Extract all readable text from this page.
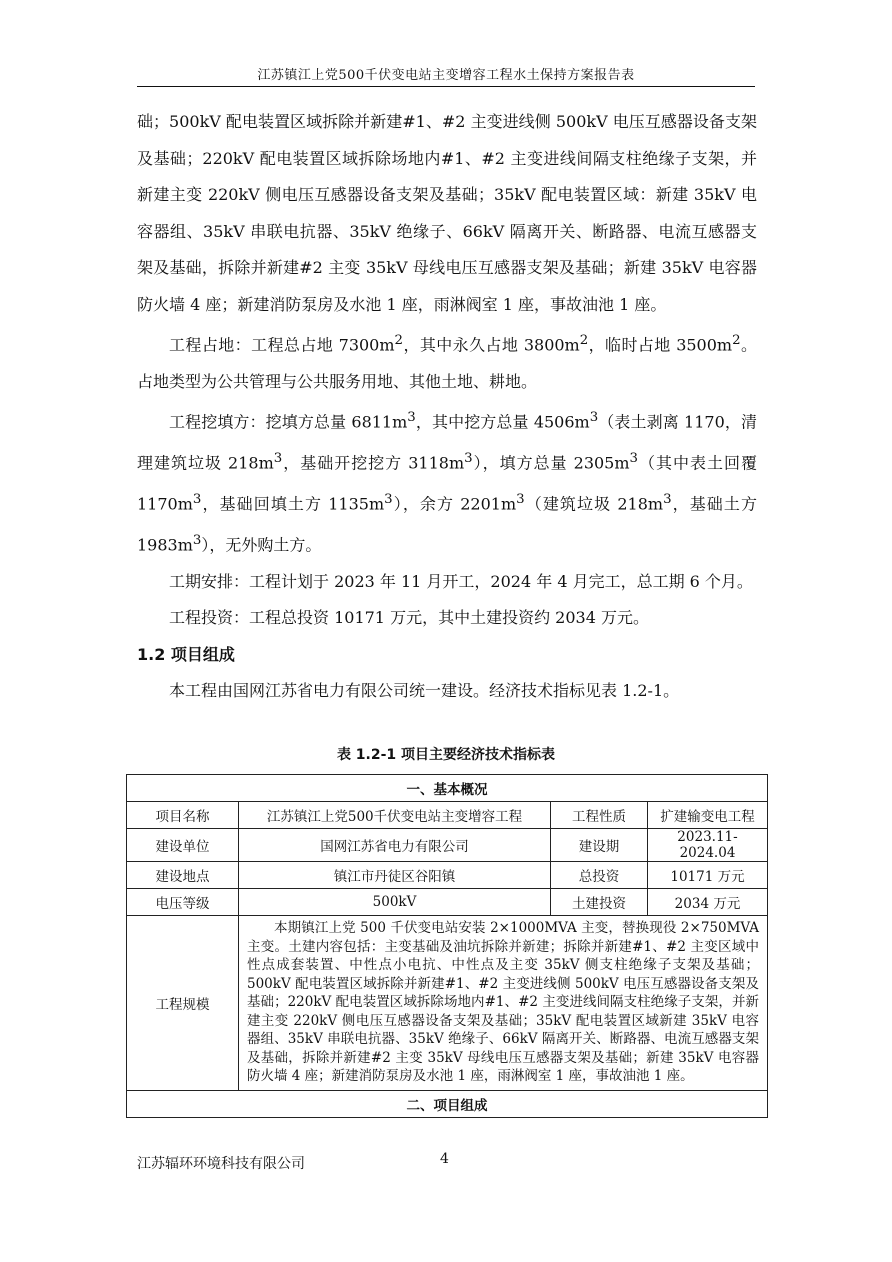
江苏镇江上党500千伏变电站主变增容工程水土保持方案报告表

础；500kV 配电装置区域拆除并新建#1、#2 主变进线侧 500kV 电压互感器设备支架及基础；220kV 配电装置区域拆除场地内#1、#2 主变进线间隔支柱绝缘子支架，并新建主变 220kV 侧电压互感器设备支架及基础；35kV 配电装置区域：新建 35kV 电容器组、35kV 串联电抗器、35kV 绝缘子、66kV 隔离开关、断路器、电流互感器支架及基础，拆除并新建#2 主变 35kV 母线电压互感器支架及基础；新建 35kV 电容器防火墙 4 座；新建消防泵房及水池 1 座，雨淋阀室 1 座，事故油池 1 座。

工程占地：工程总占地 $7300m^2$，其中永久占地 $3800m^2$，临时占地 $3500m^2$。占地类型为公共管理与公共服务用地、其他土地、耕地。

工程挖填方：挖填方总量 $6811m^3$，其中挖方总量 $4506m^3$（表土剥离 1170，清理建筑垃圾 $218m^3$，基础开挖挖方 $3118m^3$），填方总量 $2305m^3$（其中表土回覆 $1170m^3$，基础回填土方 $1135m^3$），余方 $2201m^3$（建筑垃圾 $218m^3$，基础土方 $1983m^3$），无外购土方。

工期安排：工程计划于 2023 年 11 月开工，2024 年 4 月完工，总工期 6 个月。

工程投资：工程总投资 10171 万元，其中土建投资约 2034 万元。

1.2 项目组成

本工程由国网江苏省电力有限公司统一建设。经济技术指标见表 1.2-1。

表 1.2-1 项目主要经济技术指标表
一、基本概况			
项目名称	江苏镇江上党500千伏变电站主变增容工程	工程性质	扩建输变电工程
建设单位	国网江苏省电力有限公司	建设期	2023.11-2024.04
建设地点	镇江市丹徒区谷阳镇	总投资	10171 万元
电压等级	500kV	土建投资	2034 万元
工程规模	本期镇江上党 500 千伏变电站安装 2×1000MVA 主变，替换现役 2×750MVA 主变。土建内容包括：主变基础及油坑拆除并新建；拆除并新建#1、#2 主变区域中性点成套装置、中性点小电抗、中性点及主变 35kV 侧支柱绝缘子支架及基础；500kV 配电装置区域拆除并新建#1、#2 主变进线侧 500kV 电压互感器设备支架及基础；220kV 配电装置区域拆除场地内#1、#2 主变进线间隔支柱绝缘子支架，并新建主变 220kV 侧电压互感器设备支架及基础；35kV 配电装置区域新建 35kV 电容器组、35kV 串联电抗器、35kV 绝缘子、66kV 隔离开关、断路器、电流互感器支架及基础，拆除并新建#2 主变 35kV 母线电压互感器支架及基础；新建 35kV 电容器防火墙 4 座；新建消防泵房及水池 1 座，雨淋阀室 1 座，事故油池 1 座。		
二、项目组成			
江苏辐环环境科技有限公司	4
